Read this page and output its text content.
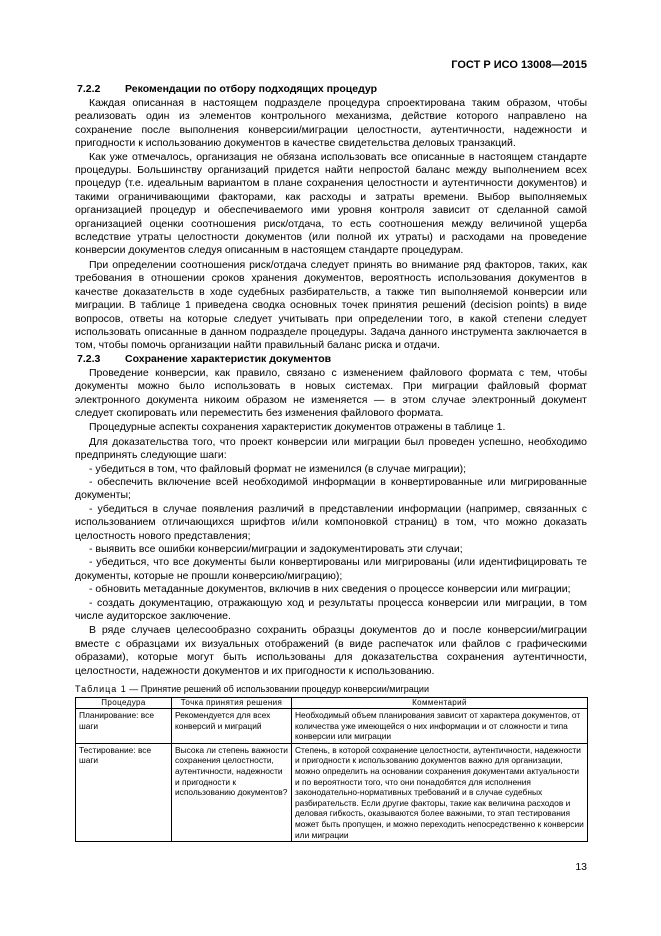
ГОСТ Р ИСО 13008—2015
7.2.2 Рекомендации по отбору подходящих процедур

Каждая описанная в настоящем подразделе процедура спроектирована таким образом, чтобы реализовать один из элементов контрольного механизма, действие которого направлено на сохранение после выполнения конверсии/миграции целостности, аутентичности, надежности и пригодности к использованию документов в качестве свидетельства деловых транзакций.

Как уже отмечалось, организация не обязана использовать все описанные в настоящем стандарте процедуры. Большинству организаций придется найти непростой баланс между выполнением всех процедур (т.е. идеальным вариантом в плане сохранения целостности и аутентичности документов) и такими ограничивающими факторами, как расходы и затраты времени. Выбор выполняемых организацией процедур и обеспечиваемого ими уровня контроля зависит от сделанной самой организацией оценки соотношения риск/отдача, то есть соотношения между величиной ущерба вследствие утраты целостности документов (или полной их утраты) и расходами на проведение конверсии документов следуя описанным в настоящем стандарте процедурам.

При определении соотношения риск/отдача следует принять во внимание ряд факторов, таких, как требования в отношении сроков хранения документов, вероятность использования документов в качестве доказательств в ходе судебных разбирательств, а также тип выполняемой конверсии или миграции. В таблице 1 приведена сводка основных точек принятия решений (decision points) в виде вопросов, ответы на которые следует учитывать при определении того, в какой степени следует использовать описанные в данном подразделе процедуры. Задача данного инструмента заключается в том, чтобы помочь организации найти правильный баланс риска и отдачи.

7.2.3 Сохранение характеристик документов

Проведение конверсии, как правило, связано с изменением файлового формата с тем, чтобы документы можно было использовать в новых системах. При миграции файловый формат электронного документа никоим образом не изменяется — в этом случае электронный документ следует скопировать или переместить без изменения файлового формата.

Процедурные аспекты сохранения характеристик документов отражены в таблице 1.

Для доказательства того, что проект конверсии или миграции был проведен успешно, необходимо предпринять следующие шаги:

- убедиться в том, что файловый формат не изменился (в случае миграции);

- обеспечить включение всей необходимой информации в конвертированные или мигрированные документы;

- убедиться в случае появления различий в представлении информации (например, связанных с использованием отличающихся шрифтов и/или компоновкой страниц) в том, что можно доказать целостность нового представления;

- выявить все ошибки конверсии/миграции и задокументировать эти случаи;

- убедиться, что все документы были конвертированы или мигрированы (или идентифицировать те документы, которые не прошли конверсию/миграцию);

- обновить метаданные документов, включив в них сведения о процессе конверсии или миграции;

- создать документацию, отражающую ход и результаты процесса конверсии или миграции, в том числе аудиторское заключение.

В ряде случаев целесообразно сохранить образцы документов до и после конверсии/миграции вместе с образцами их визуальных отображений (в виде распечаток или файлов с графическими образами), которые могут быть использованы для доказательства сохранения аутентичности, целостности, надежности документов и их пригодности к использованию.

Таблица 1 — Принятие решений об использовании процедур конверсии/миграции
Процедура	Точка принятия решения	Комментарий
Планирование: все шаги	Рекомендуется для всех конверсий и миграций	Необходимый объем планирования зависит от характера документов, от количества уже имеющейся о них информации и от сложности и типа конверсии или миграции
Тестирование: все шаги	Высока ли степень важности сохранения целостности, аутентичности, надежности и пригодности к использованию документов?	Степень, в которой сохранение целостности, аутентичности, надежности и пригодности к использованию документов важно для организации, можно определить на основании сохранения документами актуальности и по вероятности того, что они понадобятся для исполнения законодательно-нормативных требований и в случае судебных разбирательств. Если другие факторы, такие как величина расходов и деловая гибкость, оказываются более важными, то этап тестирования может быть пропущен, и можно переходить непосредственно к конверсии или миграции
13
